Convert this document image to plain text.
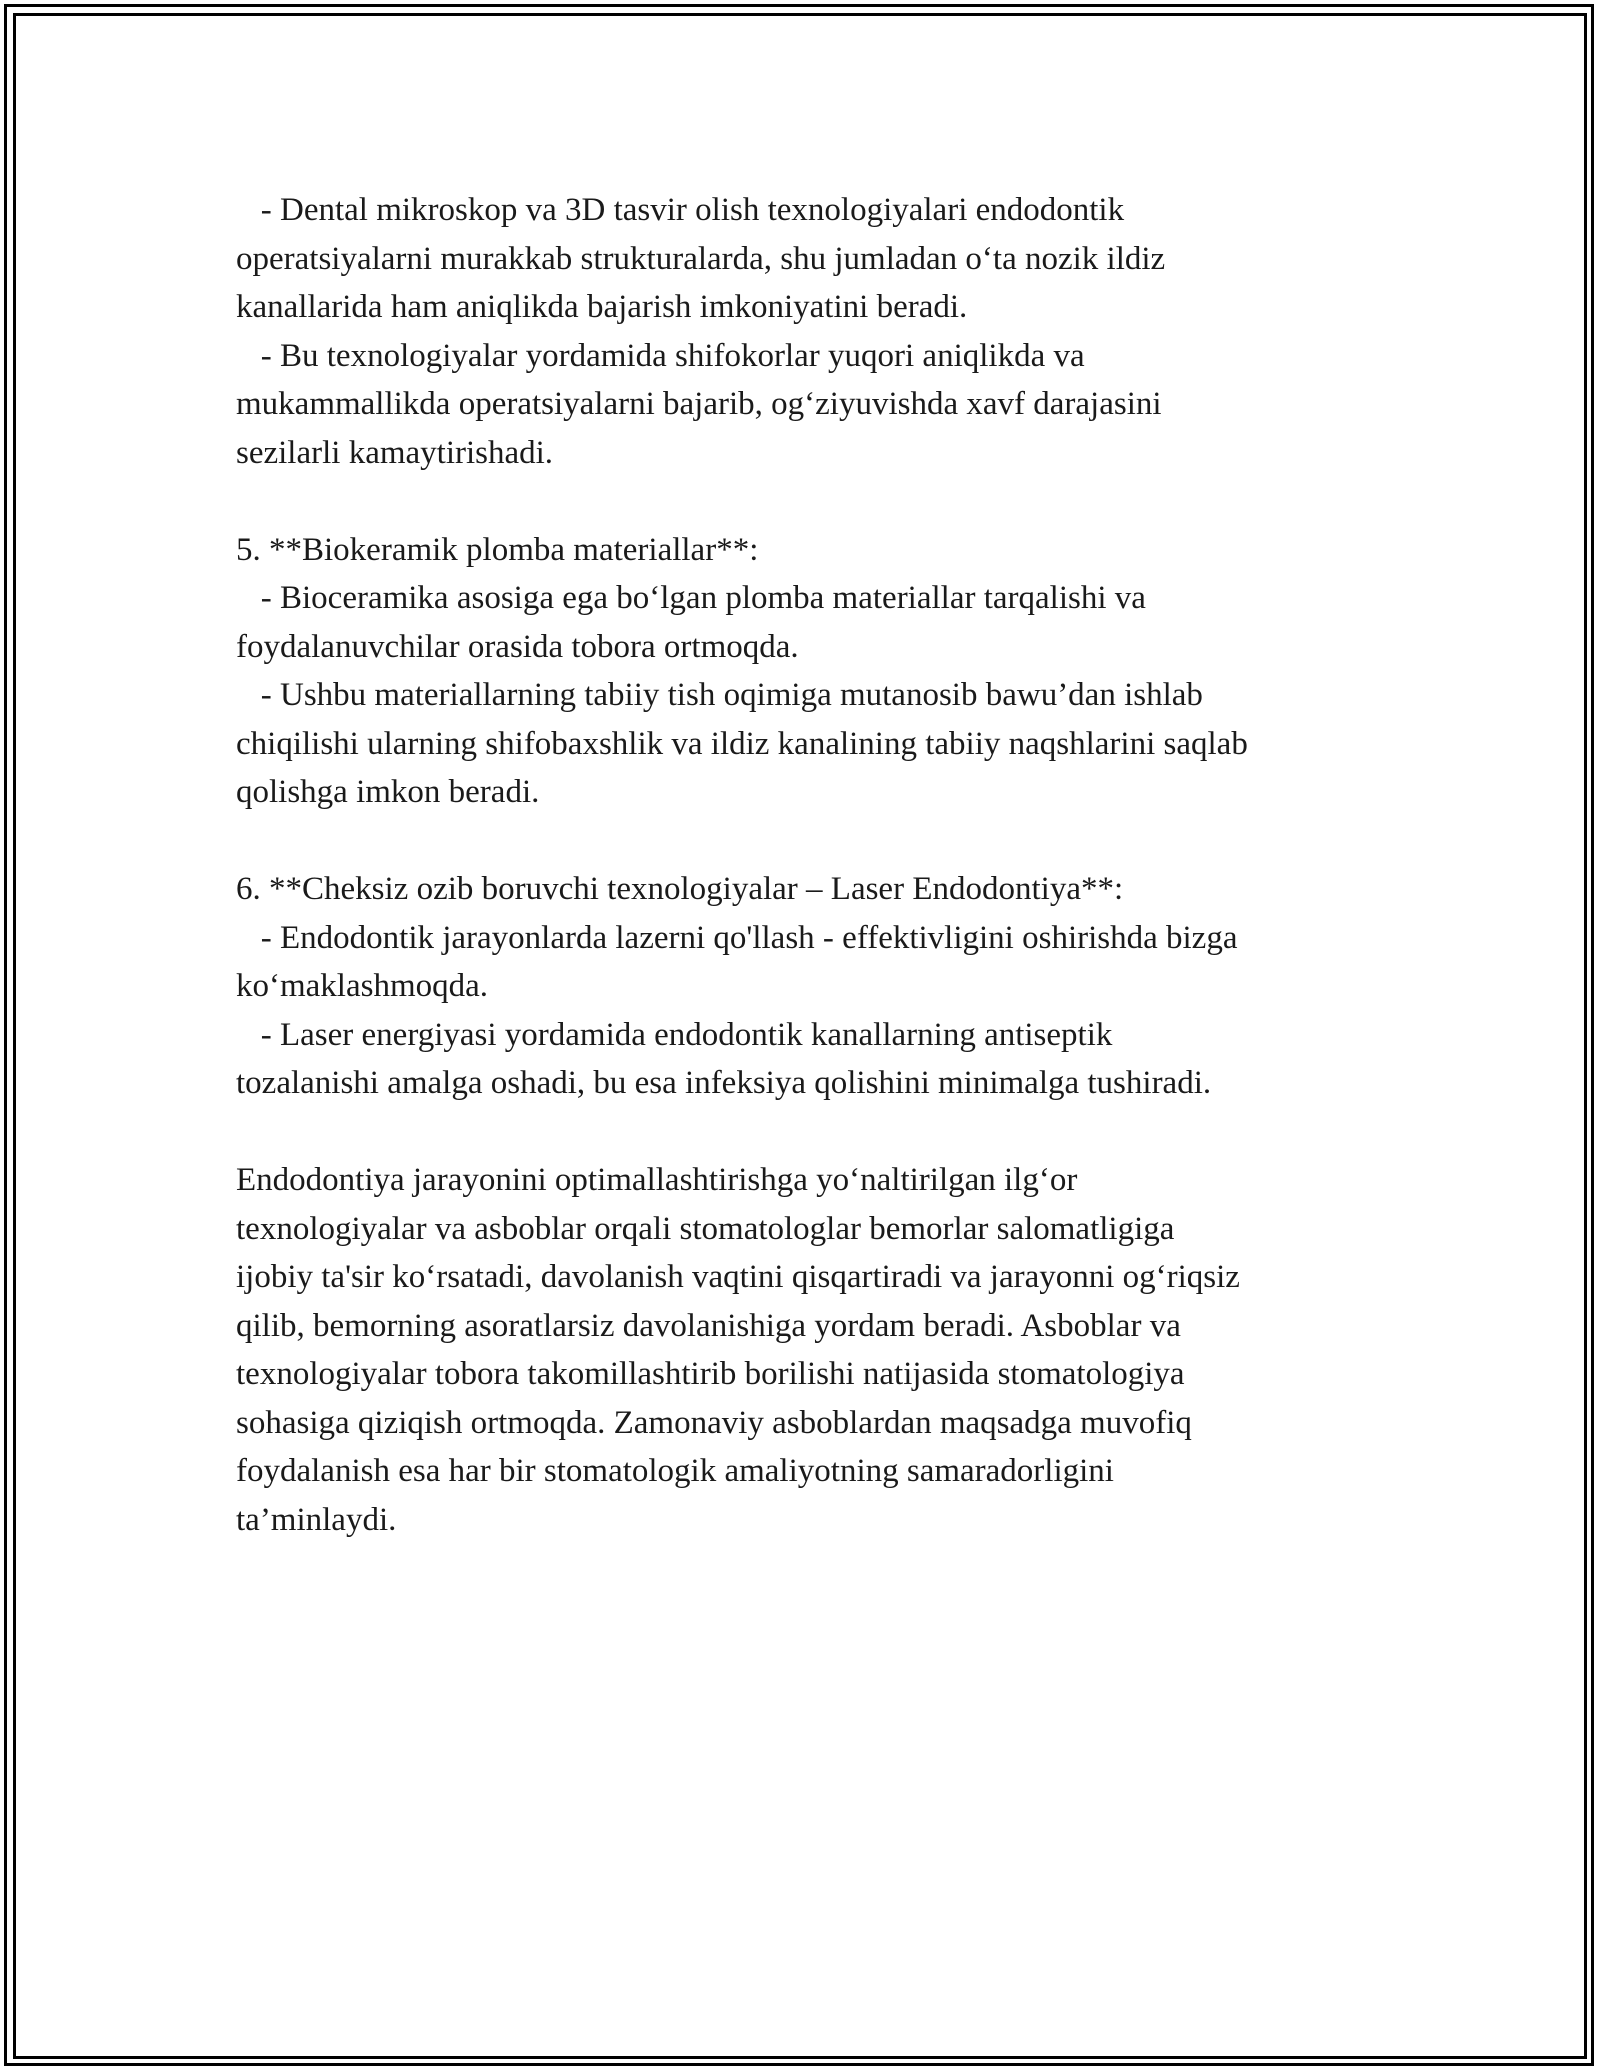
- Dental mikroskop va 3D tasvir olish texnologiyalari endodontik
operatsiyalarni murakkab strukturalarda, shu jumladan o‘ta nozik ildiz
kanallarida ham aniqlikda bajarish imkoniyatini beradi.
- Bu texnologiyalar yordamida shifokorlar yuqori aniqlikda va
mukammallikda operatsiyalarni bajarib, og‘ziyuvishda xavf darajasini
sezilarli kamaytirishadi.
5. **Biokeramik plomba materiallar**:
- Bioceramika asosiga ega bo‘lgan plomba materiallar tarqalishi va
foydalanuvchilar orasida tobora ortmoqda.
- Ushbu materiallarning tabiiy tish oqimiga mutanosib bawu’dan ishlab
chiqilishi ularning shifobaxshlik va ildiz kanalining tabiiy naqshlarini saqlab
qolishga imkon beradi.
6. **Cheksiz ozib boruvchi texnologiyalar – Laser Endodontiya**:
- Endodontik jarayonlarda lazerni qo'llash - effektivligini oshirishda bizga
ko‘maklashmoqda.
- Laser energiyasi yordamida endodontik kanallarning antiseptik
tozalanishi amalga oshadi, bu esa infeksiya qolishini minimalga tushiradi.
Endodontiya jarayonini optimallashtirishga yo‘naltirilgan ilg‘or
texnologiyalar va asboblar orqali stomatologlar bemorlar salomatligiga
ijobiy ta'sir ko‘rsatadi, davolanish vaqtini qisqartiradi va jarayonni og‘riqsiz
qilib, bemorning asoratlarsiz davolanishiga yordam beradi. Asboblar va
texnologiyalar tobora takomillashtirib borilishi natijasida stomatologiya
sohasiga qiziqish ortmoqda. Zamonaviy asboblardan maqsadga muvofiq
foydalanish esa har bir stomatologik amaliyotning samaradorligini
ta’minlaydi.
